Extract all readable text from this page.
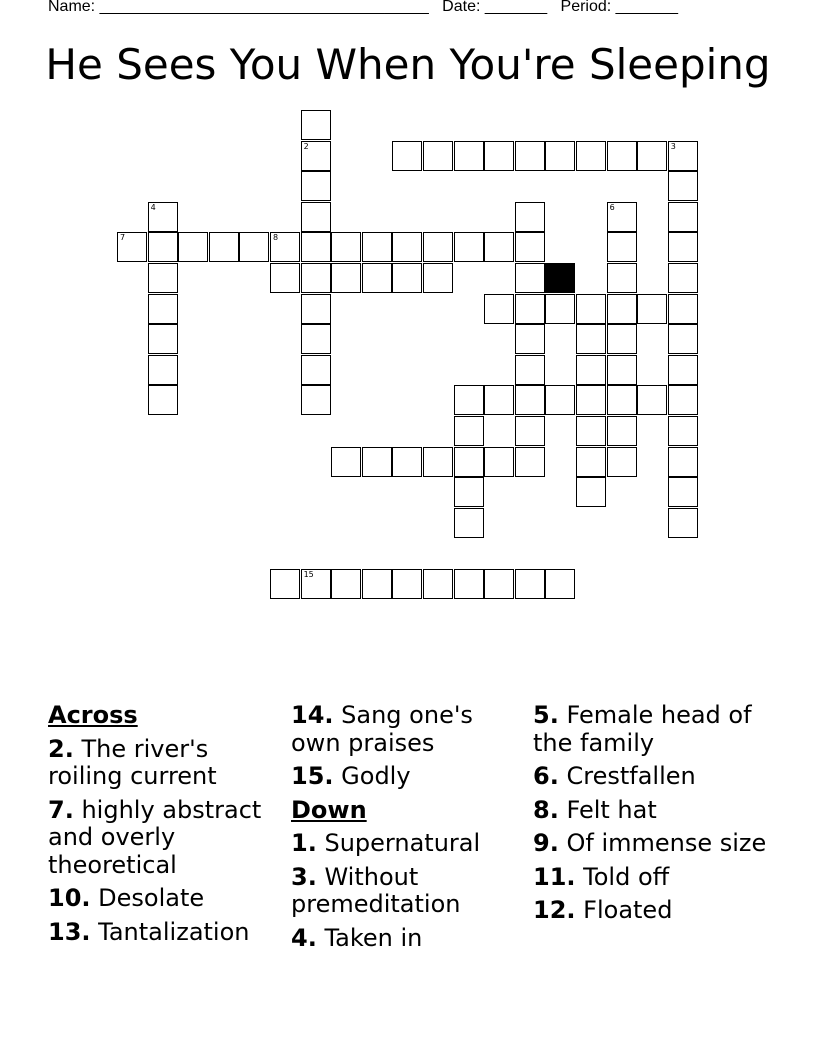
Name: _____________________________________ Date: _______ Period: _______
He Sees You When You're Sleeping
2	3
4	6
7	8
15
Across
2. The river's roiling current
7. highly abstract and overly theoretical
10. Desolate
13. Tantalization
14. Sang one's own praises
15. Godly
Down
1. Supernatural
3. Without premeditation
4. Taken in
5. Female head of the family
6. Crestfallen
8. Felt hat
9. Of immense size
11. Told off
12. Floated
